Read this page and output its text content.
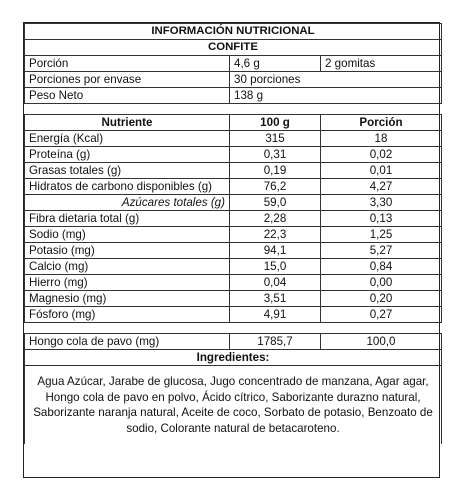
INFORMACIÓN NUTRICIONAL		
CONFITE		
Porción	4,6 g	2 gomitas
Porciones por envase	30 porciones	
Peso Neto	138 g	

Nutriente	100 g	Porción
Energía (Kcal)	315	18
Proteína (g)	0,31	0,02
Grasas totales (g)	0,19	0,01
Hidratos de carbono disponibles (g)	76,2	4,27
Azúcares totales (g)	59,0	3,30
Fibra dietaria total (g)	2,28	0,13
Sodio (mg)	22,3	1,25
Potasio (mg)	94,1	5,27
Calcio (mg)	15,0	0,84
Hierro (mg)	0,04	0,00
Magnesio (mg)	3,51	0,20
Fósforo (mg)	4,91	0,27

Hongo cola de pavo (mg)	1785,7	100,0
Ingredientes:		
Agua Azúcar, Jarabe de glucosa, Jugo concentrado de manzana, Agar agar, Hongo cola de pavo en polvo, Ácido cítrico, Saborizante durazno natural, Saborizante naranja natural, Aceite de coco, Sorbato de potasio, Benzoato de sodio, Colorante natural de betacaroteno.		
